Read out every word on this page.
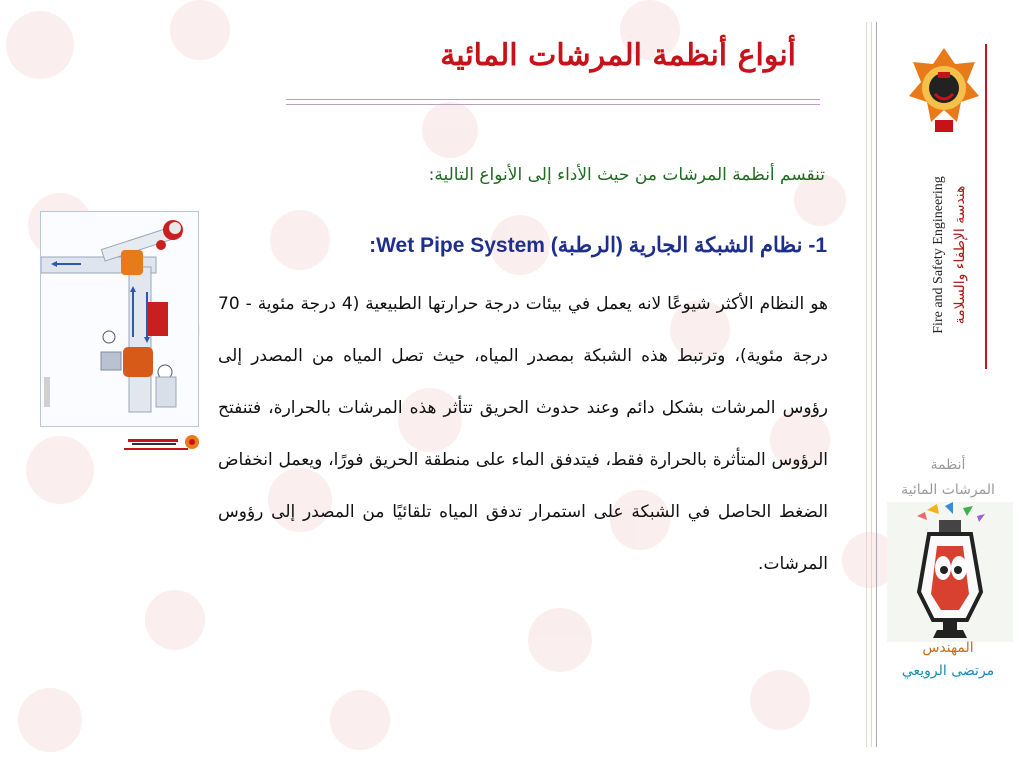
أنواع أنظمة المرشات المائية
تنقسم أنظمة المرشات من حيث الأداء إلى الأنواع التالية:
1- نظام الشبكة الجارية (الرطبة) Wet Pipe System:
هو النظام الأكثر شيوعًا لانه يعمل في بيئات درجة حرارتها الطبيعية (4 درجة مئوية - 70 درجة مئوية)، وترتبط هذه الشبكة بمصدر المياه، حيث تصل المياه من المصدر إلى رؤوس المرشات بشكل دائم وعند حدوث الحريق تتأثر هذه المرشات بالحرارة، فتنفتح الرؤوس المتأثرة بالحرارة فقط، فيتدفق الماء على منطقة الحريق فورًا، ويعمل انخفاض الضغط الحاصل في الشبكة على استمرار تدفق المياه تلقائيًا من المصدر إلى رؤوس المرشات.
Fire and Safety Engineering هندسة الإطفاء والسلامة
أنظمة
المرشات المائية
المهندس
مرتضى الرويعي
